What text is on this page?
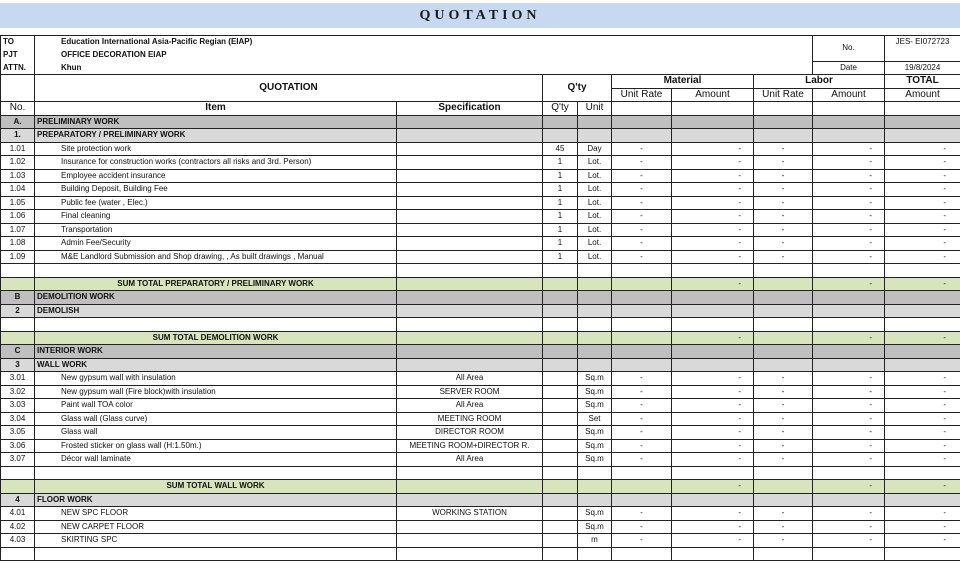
QUOTATION
TO	Education International Asia-Pacific Regian (EIAP)							No.	JES- EI072723
PJT	OFFICE DECORATION EIAP								
ATTN.	Khun							Date	19/8/2024
	QUOTATION		Q'ty		Material		Labor		TOTAL
					Unit Rate	Amount	Unit Rate	Amount	Amount
No.	Item	Specification	Q'ty	Unit					
A.	PRELIMINARY WORK								
1.	PREPARATORY / PRELIMINARY WORK								
1.01	Site protection work		45	Day	-	-	-	-	-
1.02	Insurance for construction works (contractors all risks and 3rd. Person)		1	Lot.	-	-	-	-	-
1.03	Employee accident insurance		1	Lot.	-	-	-	-	-
1.04	Building Deposit, Building Fee		1	Lot.	-	-	-	-	-
1.05	Public fee (water , Elec.)		1	Lot.	-	-	-	-	-
1.06	Final cleaning		1	Lot.	-	-	-	-	-
1.07	Transportation		1	Lot.	-	-	-	-	-
1.08	Admin Fee/Security		1	Lot.	-	-	-	-	-
1.09	M&E Landlord Submission and Shop drawing, , As built drawings , Manual		1	Lot.	-	-	-	-	-

	SUM TOTAL PREPARATORY / PRELIMINARY WORK					-		-	-
B	DEMOLITION WORK								
2	DEMOLISH								

	SUM TOTAL DEMOLITION WORK					-		-	-
C	INTERIOR WORK								
3	WALL WORK								
3.01	New gypsum wall with insulation	All Area		Sq.m	-	-	-	-	-
3.02	New gypsum wall (Fire block)with insulation	SERVER ROOM		Sq.m	-	-	-	-	-
3.03	Paint wall TOA color	All Area		Sq.m	-	-	-	-	-
3.04	Glass wall (Glass curve)	MEETING ROOM		Set	-	-	-	-	-
3.05	Glass wall	DIRECTOR ROOM		Sq.m	-	-	-	-	-
3.06	Frosted sticker on glass wall (H:1.50m.)	MEETING ROOM+DIRECTOR R.		Sq.m	-	-	-	-	-
3.07	Décor wall laminate	All Area		Sq.m	-	-	-	-	-

	SUM TOTAL WALL WORK					-		-	-
4	FLOOR WORK								
4.01	NEW SPC FLOOR	WORKING STATION		Sq.m	-	-	-	-	-
4.02	NEW CARPET FLOOR			Sq.m	-	-	-	-	-
4.03	SKIRTING SPC			m	-	-	-	-	-
